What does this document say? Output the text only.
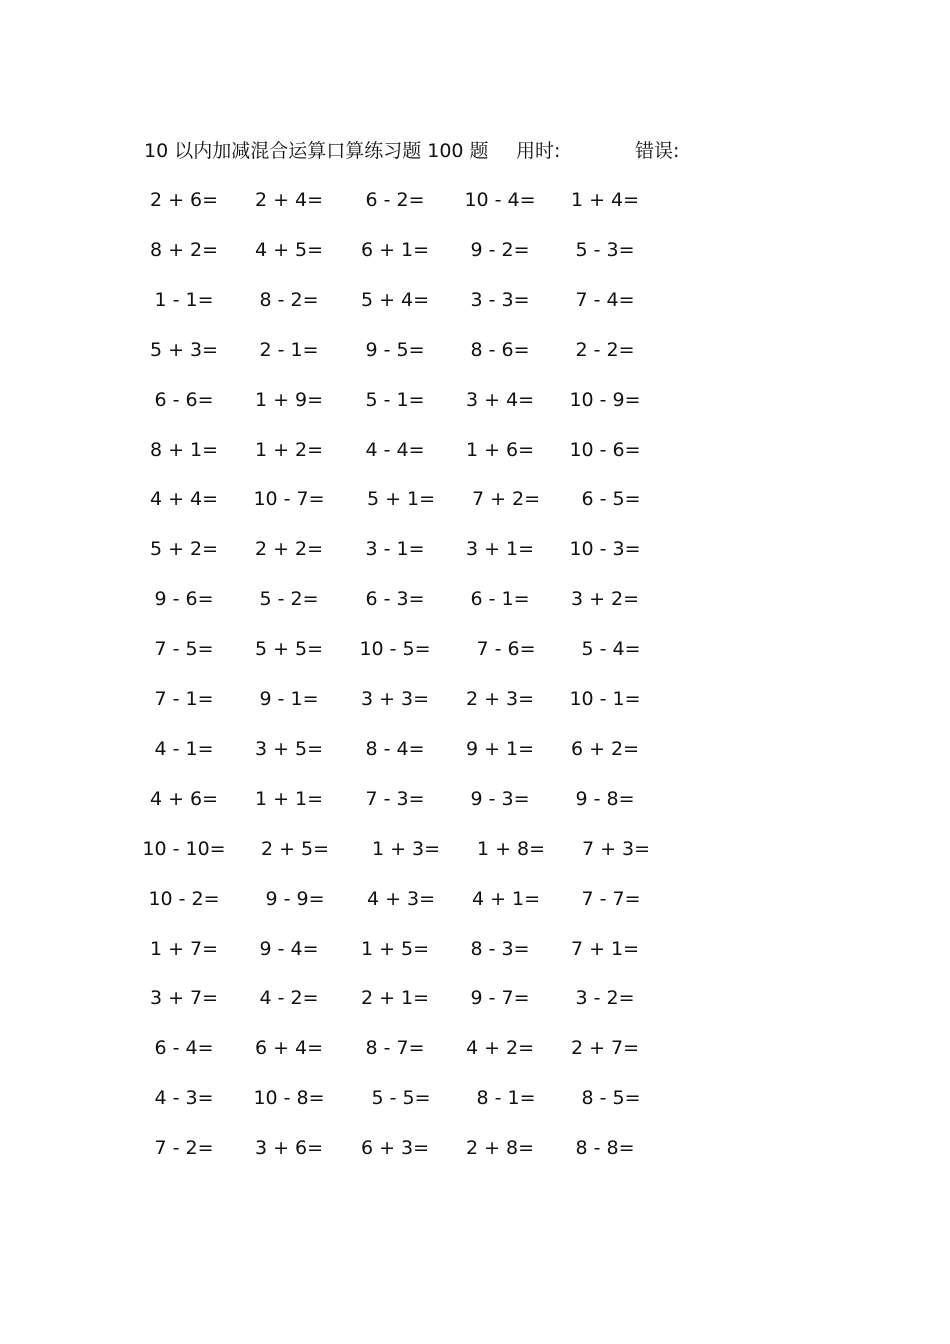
10 以内加减混合运算口算练习题 100 题 用时:	错误:
2 + 6=	2 + 4=	6 - 2=	10 - 4=	1 + 4=
8 + 2=	4 + 5=	6 + 1=	9 - 2=	5 - 3=
1 - 1=	8 - 2=	5 + 4=	3 - 3=	7 - 4=
5 + 3=	2 - 1=	9 - 5=	8 - 6=	2 - 2=
6 - 6=	1 + 9=	5 - 1=	3 + 4=	10 - 9=
8 + 1=	1 + 2=	4 - 4=	1 + 6=	10 - 6=
4 + 4=	10 - 7=	5 + 1=	7 + 2=	6 - 5=
5 + 2=	2 + 2=	3 - 1=	3 + 1=	10 - 3=
9 - 6=	5 - 2=	6 - 3=	6 - 1=	3 + 2=
7 - 5=	5 + 5=	10 - 5=	7 - 6=	5 - 4=
7 - 1=	9 - 1=	3 + 3=	2 + 3=	10 - 1=
4 - 1=	3 + 5=	8 - 4=	9 + 1=	6 + 2=
4 + 6=	1 + 1=	7 - 3=	9 - 3=	9 - 8=
10 - 10=	2 + 5=	1 + 3=	1 + 8=	7 + 3=
10 - 2=	9 - 9=	4 + 3=	4 + 1=	7 - 7=
1 + 7=	9 - 4=	1 + 5=	8 - 3=	7 + 1=
3 + 7=	4 - 2=	2 + 1=	9 - 7=	3 - 2=
6 - 4=	6 + 4=	8 - 7=	4 + 2=	2 + 7=
4 - 3=	10 - 8=	5 - 5=	8 - 1=	8 - 5=
7 - 2=	3 + 6=	6 + 3=	2 + 8=	8 - 8=
